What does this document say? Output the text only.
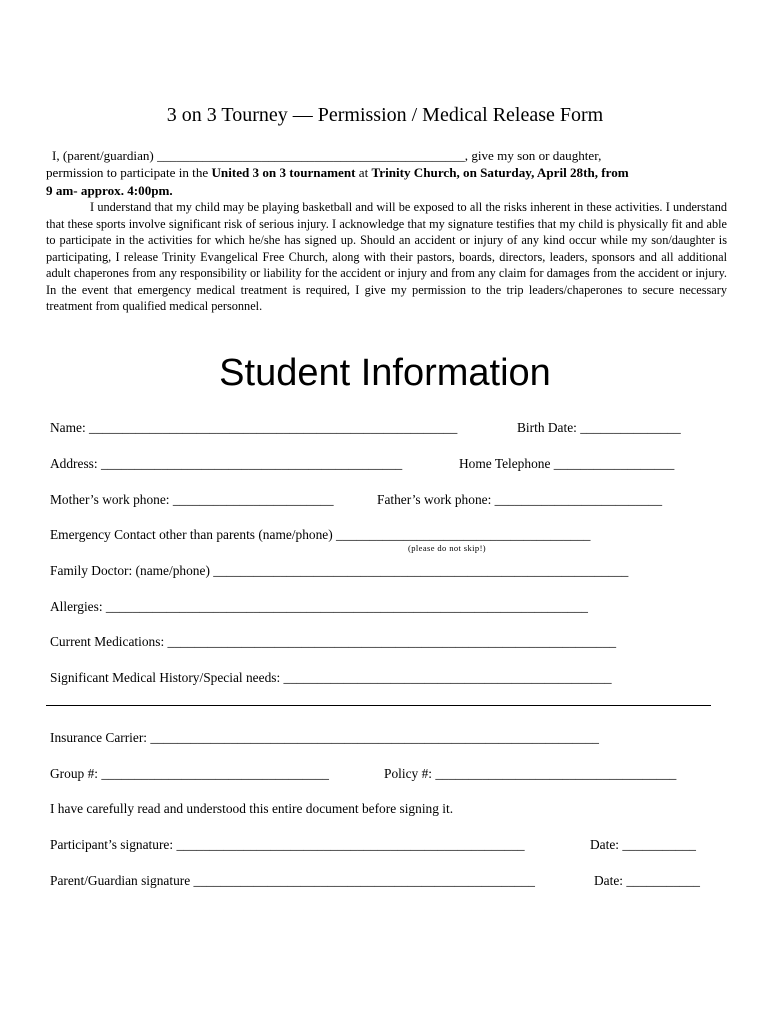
3 on 3 Tourney — Permission / Medical Release Form
I, (parent/guardian) _______________________________________________, give my son or daughter,
permission to participate in the United 3 on 3 tournament at Trinity Church, on Saturday, April 28th, from
9 am- approx. 4:00pm.
I understand that my child may be playing basketball and will be exposed to all the risks inherent in these activities. I understand that these sports involve significant risk of serious injury. I acknowledge that my signature testifies that my child is physically fit and able to participate in the activities for which he/she has signed up. Should an accident or injury of any kind occur while my son/daughter is participating, I release Trinity Evangelical Free Church, along with their pastors, boards, directors, leaders, sponsors and all additional adult chaperones from any responsibility or liability for the accident or injury and from any claim for damages from the accident or injury. In the event that emergency medical treatment is required, I give my permission to the trip leaders/chaperones to secure necessary treatment from qualified medical personnel.
Student Information
Name: _______________________________________________________	Birth Date: _______________
Address: _____________________________________________	Home Telephone __________________
Mother’s work phone: ________________________	Father’s work phone: _________________________
Emergency Contact other than parents (name/phone) ______________________________________
(please do not skip!)
Family Doctor: (name/phone) ______________________________________________________________
Allergies: ________________________________________________________________________
Current Medications: ___________________________________________________________________
Significant Medical History/Special needs: _________________________________________________
Insurance Carrier: ___________________________________________________________________
Group #: __________________________________	Policy #: ____________________________________
I have carefully read and understood this entire document before signing it.
Participant’s signature: ____________________________________________________	Date: ___________
Parent/Guardian signature ___________________________________________________	Date: ___________
